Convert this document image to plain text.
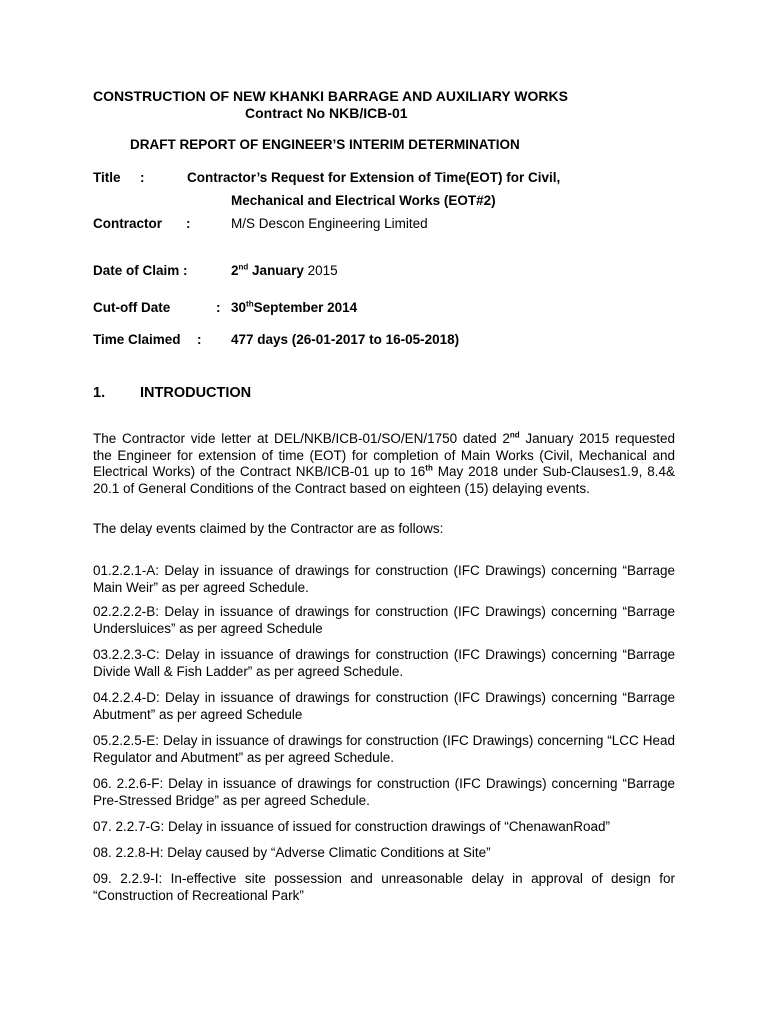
CONSTRUCTION OF NEW KHANKI BARRAGE AND AUXILIARY WORKS
Contract No NKB/ICB-01
DRAFT REPORT OF ENGINEER’S INTERIM DETERMINATION
Title :	Contractor’s Request for Extension of Time(EOT) for Civil,
Mechanical and Electrical Works (EOT#2)
Contractor :	M/S Descon Engineering Limited
Date of Claim :	2nd January 2015
Cut-off Date	: 30thSeptember 2014
Time Claimed : 477 days (26-01-2017 to 16-05-2018)
1. INTRODUCTION
The Contractor vide letter at DEL/NKB/ICB-01/SO/EN/1750 dated 2nd January 2015 requested the Engineer for extension of time (EOT) for completion of Main Works (Civil, Mechanical and Electrical Works) of the Contract NKB/ICB-01 up to 16th May 2018 under Sub-Clauses1.9, 8.4& 20.1 of General Conditions of the Contract based on eighteen (15) delaying events.
The delay events claimed by the Contractor are as follows:
01.2.2.1-A: Delay in issuance of drawings for construction (IFC Drawings) concerning “Barrage Main Weir” as per agreed Schedule.
02.2.2.2-B: Delay in issuance of drawings for construction (IFC Drawings) concerning “Barrage Undersluices” as per agreed Schedule
03.2.2.3-C: Delay in issuance of drawings for construction (IFC Drawings) concerning “Barrage Divide Wall & Fish Ladder” as per agreed Schedule.
04.2.2.4-D: Delay in issuance of drawings for construction (IFC Drawings) concerning “Barrage Abutment” as per agreed Schedule
05.2.2.5-E: Delay in issuance of drawings for construction (IFC Drawings) concerning “LCC Head Regulator and Abutment” as per agreed Schedule.
06. 2.2.6-F: Delay in issuance of drawings for construction (IFC Drawings) concerning “Barrage Pre-Stressed Bridge” as per agreed Schedule.
07. 2.2.7-G: Delay in issuance of issued for construction drawings of “ChenawanRoad”
08. 2.2.8-H: Delay caused by “Adverse Climatic Conditions at Site”
09. 2.2.9-I: In-effective site possession and unreasonable delay in approval of design for “Construction of Recreational Park”
